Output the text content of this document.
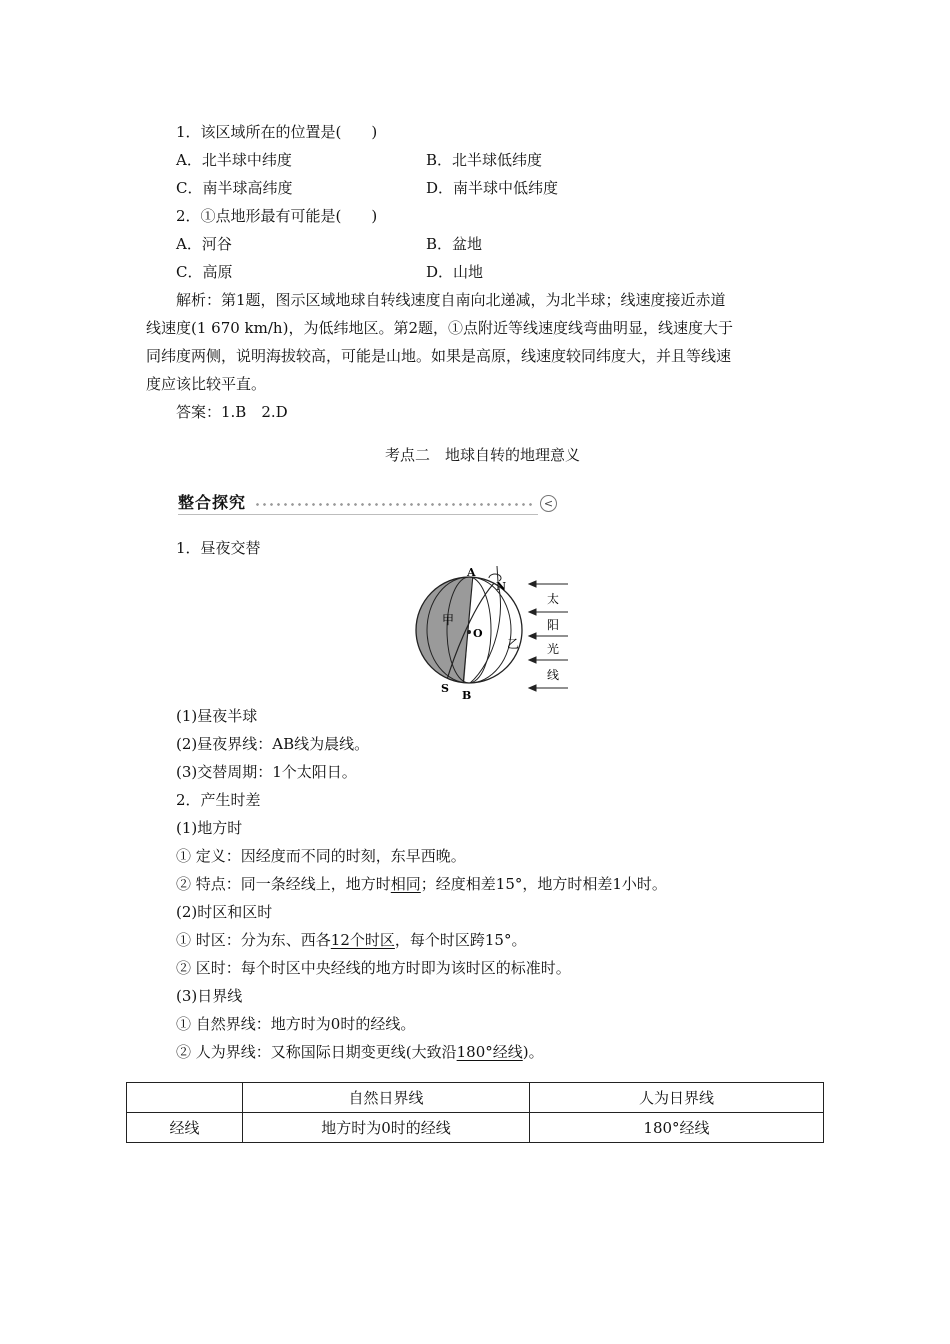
1．该区域所在的位置是(　　)
A．北半球中纬度	B．北半球低纬度
C．南半球高纬度	D．南半球中低纬度
2．①点地形最有可能是(　　)
A．河谷	B．盆地
C．高原	D．山地
解析：第1题，图示区域地球自转线速度自南向北递减，为北半球；线速度接近赤道
线速度(1 670 km/h)，为低纬地区。第2题，①点附近等线速度线弯曲明显，线速度大于
同纬度两侧，说明海拔较高，可能是山地。如果是高原，线速度较同纬度大，并且等线速
度应该比较平直。
答案：1.B　2.D
考点二　地球自转的地理意义
整合探究	<
1．昼夜交替
A
N
S
B
O
甲
乙
太
阳
光
线
(1)昼夜半球
(2)昼夜界线：AB线为晨线。
(3)交替周期：1个太阳日。
2．产生时差
(1)地方时
① 定义：因经度而不同的时刻，东早西晚。
② 特点：同一条经线上，地方时相同；经度相差15°，地方时相差1小时。
(2)时区和区时
① 时区：分为东、西各12个时区，每个时区跨15°。
② 区时：每个时区中央经线的地方时即为该时区的标准时。
(3)日界线
① 自然界线：地方时为0时的经线。
② 人为界线：又称国际日期变更线(大致沿180°经线)。
	自然日界线	人为日界线
经线	地方时为0时的经线	180°经线
